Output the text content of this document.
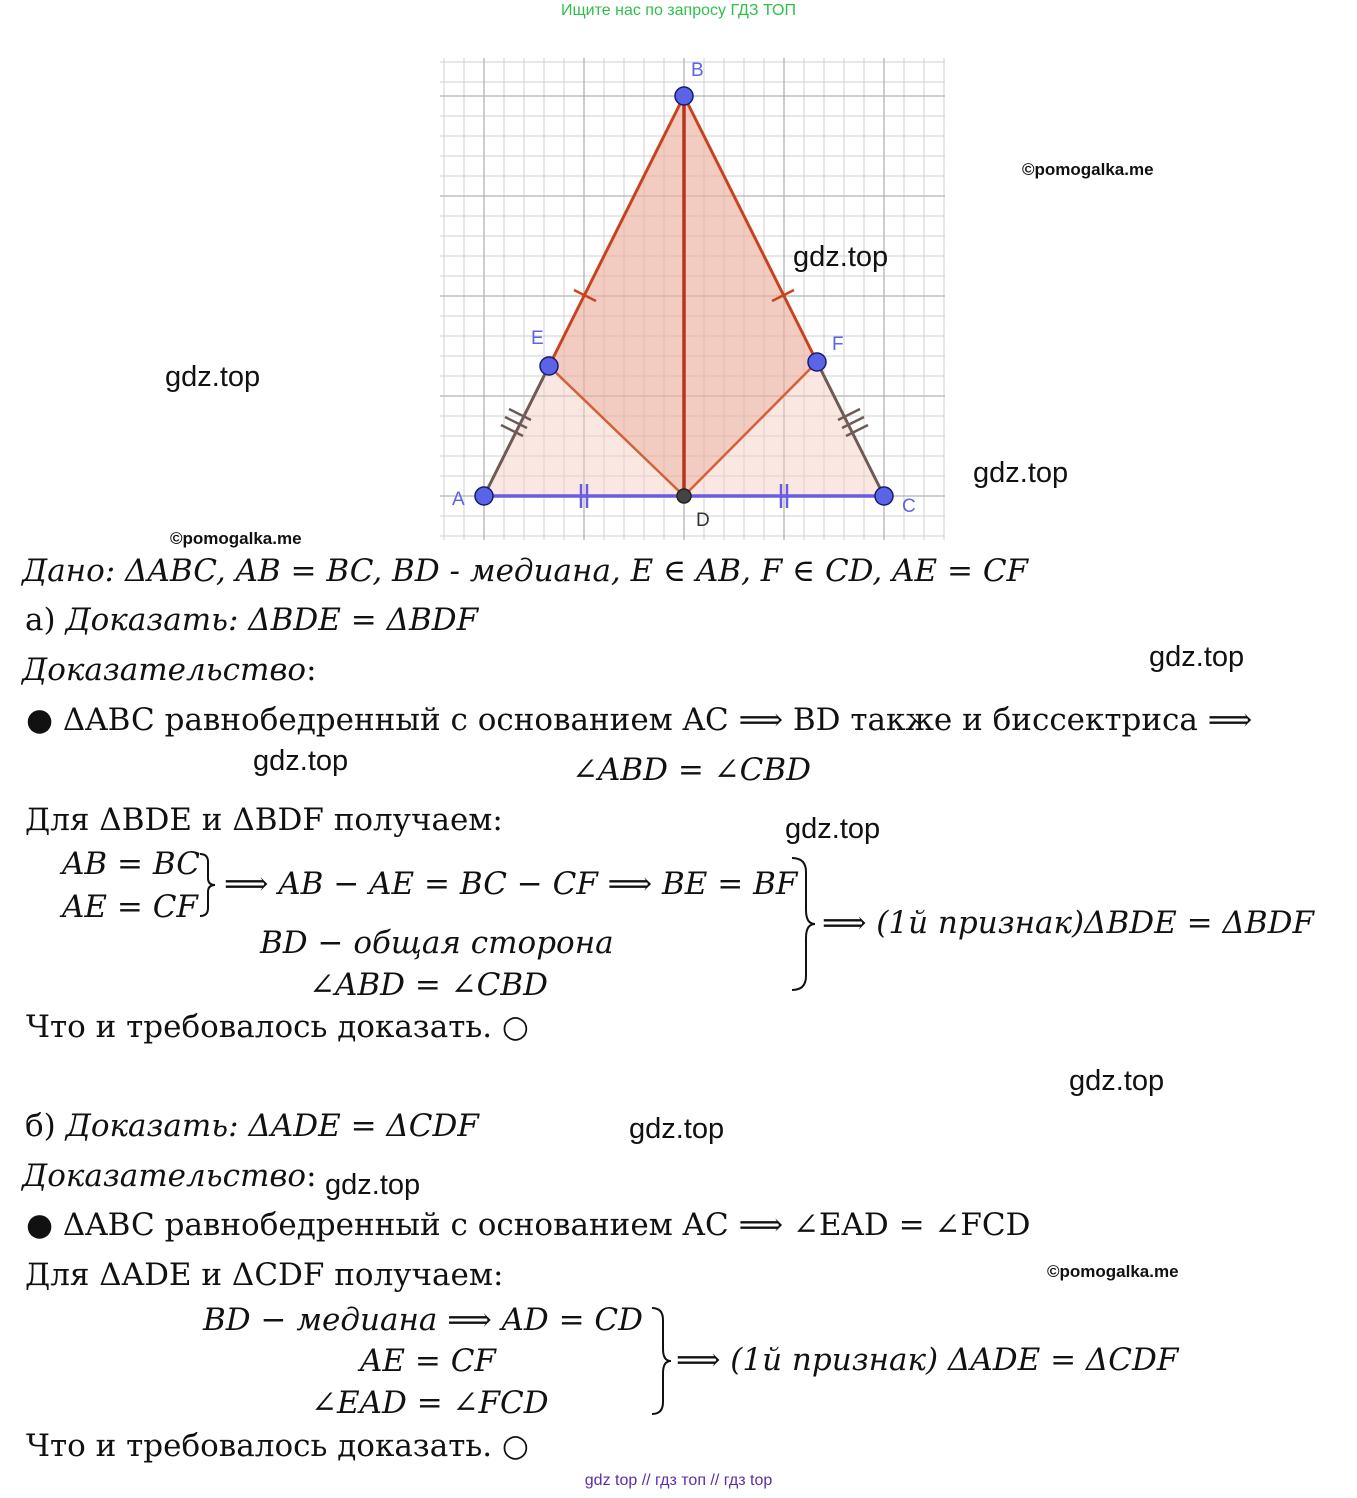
Ищите нас по запросу ГДЗ ТОП
A
B
C
D
E	F
©pomogalka.me
gdz.top
gdz.top
gdz.top
©pomogalka.me
Дано: ΔABC, AB = BC, BD - медиана, E ∈ AB, F ∈ CD, AE = CF
а) Доказать: ΔBDE = ΔBDF
Доказательство:	gdz.top
● ΔABC равнобедренный с основанием AC ⟹ BD также и биссектриса ⟹
gdz.top	∠ABD = ∠CBD
Для ΔBDE и ΔBDF получаем:	gdz.top
AB = BC
AE = CF
⟹ AB − AE = BC − CF ⟹ BE = BF
BD − общая сторона
∠ABD = ∠CBD
⟹ (1й признак)ΔBDE = ΔBDF
Что и требовалось доказать. ○
gdz.top
б) Доказать: ΔADE = ΔCDF	gdz.top
Доказательство: gdz.top
● ΔABC равнобедренный с основанием AC ⟹ ∠EAD = ∠FCD
Для ΔADE и ΔCDF получаем:	©pomogalka.me
BD − медиана ⟹ AD = CD
AE = CF
∠EAD = ∠FCD
⟹ (1й признак) ΔADE = ΔCDF
Что и требовалось доказать. ○
gdz top // гдз топ // гдз top
